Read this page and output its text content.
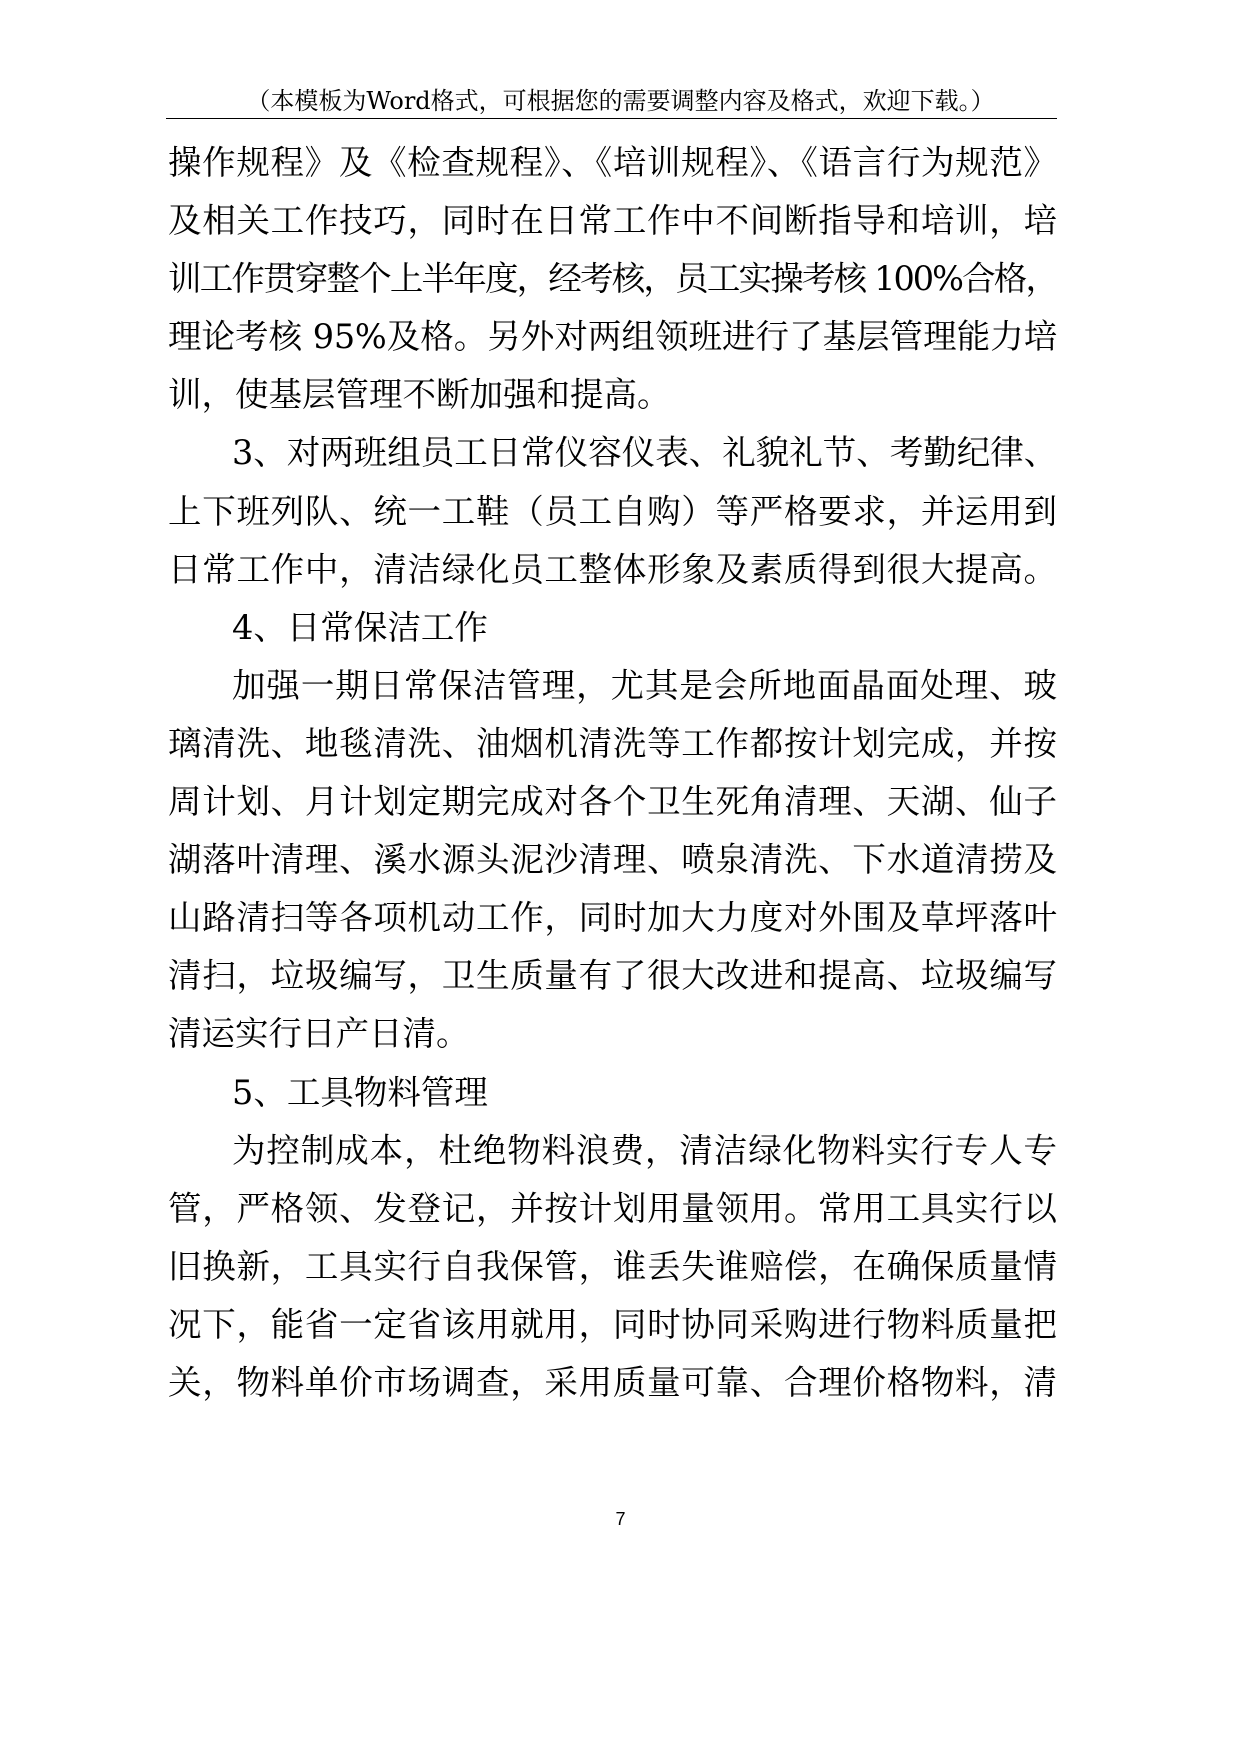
（本模板为Word格式，可根据您的需要调整内容及格式，欢迎下载。）
操作规程》及《检查规程》、《培训规程》、《语言行为规范》
及相关工作技巧，同时在日常工作中不间断指导和培训，培
训工作贯穿整个上半年度，经考核，员工实操考核 100%合格，
理论考核 95%及格。另外对两组领班进行了基层管理能力培
训，使基层管理不断加强和提高。
3、对两班组员工日常仪容仪表、礼貌礼节、考勤纪律、
上下班列队、统一工鞋（员工自购）等严格要求，并运用到
日常工作中，清洁绿化员工整体形象及素质得到很大提高。
4、日常保洁工作
加强一期日常保洁管理，尤其是会所地面晶面处理、玻
璃清洗、地毯清洗、油烟机清洗等工作都按计划完成，并按
周计划、月计划定期完成对各个卫生死角清理、天湖、仙子
湖落叶清理、溪水源头泥沙清理、喷泉清洗、下水道清捞及
山路清扫等各项机动工作，同时加大力度对外围及草坪落叶
清扫，垃圾编写，卫生质量有了很大改进和提高、垃圾编写
清运实行日产日清。
5、工具物料管理
为控制成本，杜绝物料浪费，清洁绿化物料实行专人专
管，严格领、发登记，并按计划用量领用。常用工具实行以
旧换新，工具实行自我保管，谁丢失谁赔偿，在确保质量情
况下，能省一定省该用就用，同时协同采购进行物料质量把
关，物料单价市场调查，采用质量可靠、合理价格物料，清
7
